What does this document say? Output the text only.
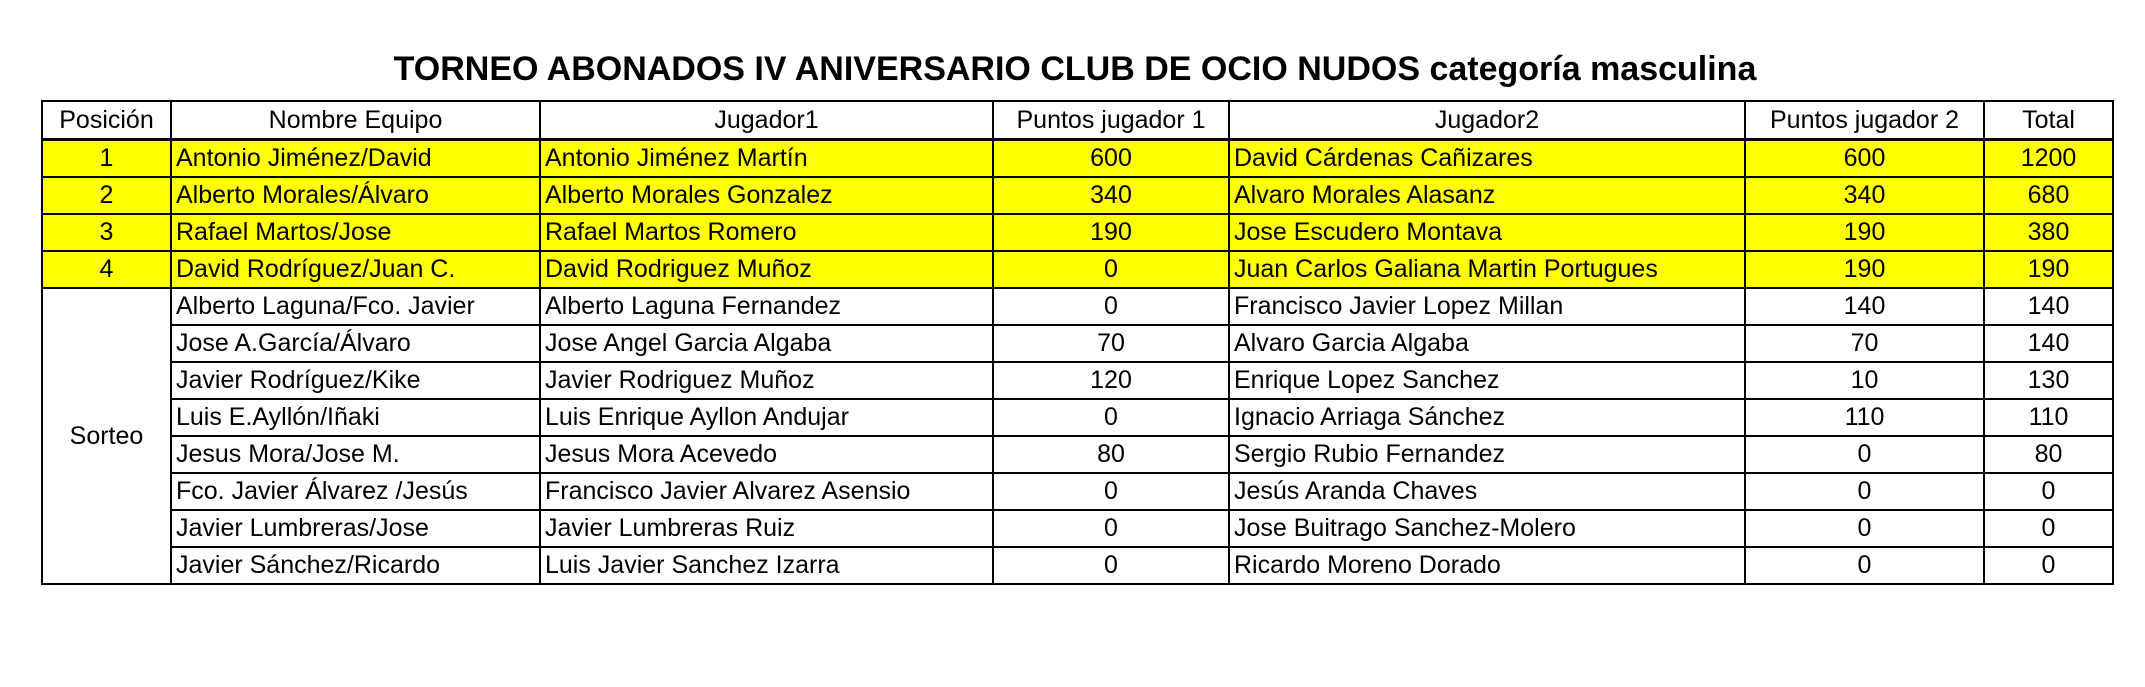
TORNEO ABONADOS IV ANIVERSARIO CLUB DE OCIO NUDOS categoría masculina
Posición	Nombre Equipo	Jugador1	Puntos jugador 1	Jugador2	Puntos jugador 2	Total
1	Antonio Jiménez/David	Antonio Jiménez Martín	600	David Cárdenas Cañizares	600	1200
2	Alberto Morales/Álvaro	Alberto Morales Gonzalez	340	Alvaro Morales Alasanz	340	680
3	Rafael Martos/Jose	Rafael Martos Romero	190	Jose Escudero Montava	190	380
4	David Rodríguez/Juan C.	David Rodriguez Muñoz	0	Juan Carlos Galiana Martin Portugues	190	190
Sorteo	Alberto Laguna/Fco. Javier	Alberto Laguna Fernandez	0	Francisco Javier Lopez Millan	140	140
	Jose A.García/Álvaro	Jose Angel Garcia Algaba	70	Alvaro Garcia Algaba	70	140
	Javier Rodríguez/Kike	Javier Rodriguez Muñoz	120	Enrique Lopez Sanchez	10	130
	Luis E.Ayllón/Iñaki	Luis Enrique Ayllon Andujar	0	Ignacio Arriaga Sánchez	110	110
	Jesus Mora/Jose M.	Jesus Mora Acevedo	80	Sergio Rubio Fernandez	0	80
	Fco. Javier Álvarez /Jesús	Francisco Javier Alvarez Asensio	0	Jesús Aranda Chaves	0	0
	Javier Lumbreras/Jose	Javier Lumbreras Ruiz	0	Jose Buitrago Sanchez-Molero	0	0
	Javier Sánchez/Ricardo	Luis Javier Sanchez Izarra	0	Ricardo Moreno Dorado	0	0
